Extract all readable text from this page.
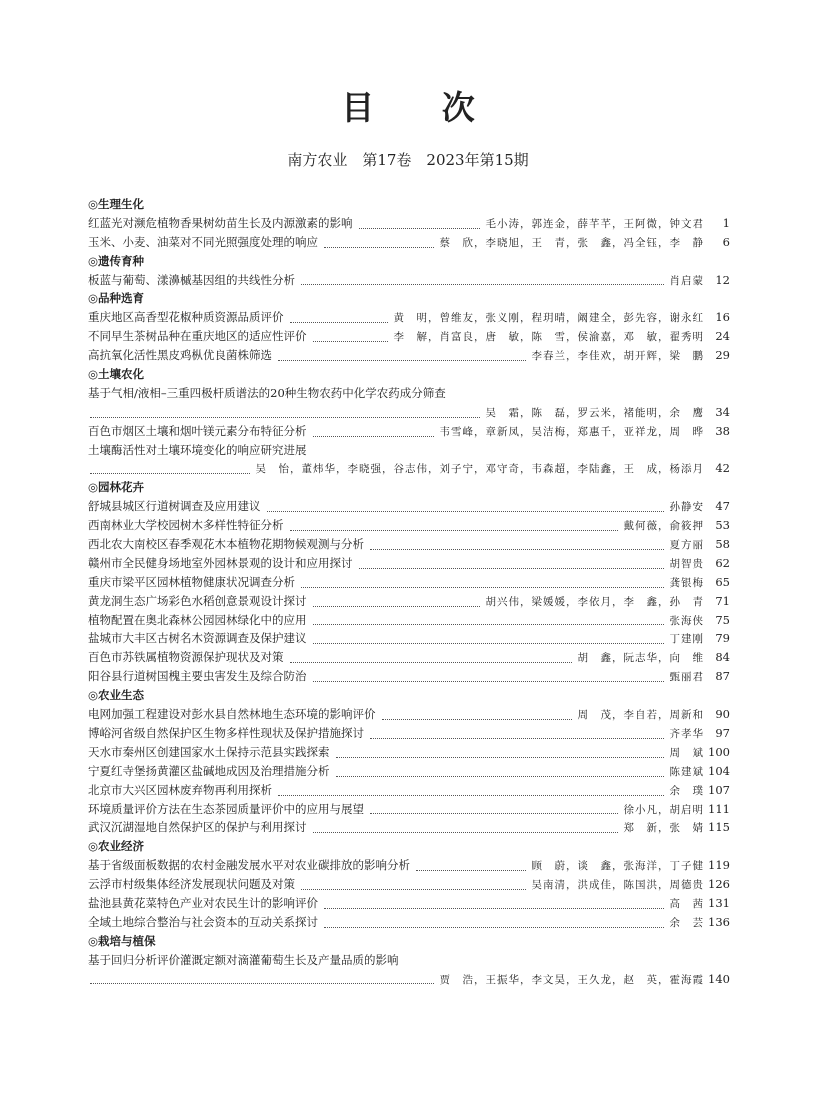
目 次
南方农业　第17卷　2023年第15期
◎生理生化
红蓝光对濒危植物香果树幼苗生长及内源激素的影响	毛小涛，郭连金，薛芊芊，王阿微，钟文君	1
玉米、小麦、油菜对不同光照强度处理的响应	蔡　欣，李晓旭，王　青，张　鑫，冯全钰，李　静	6
◎遗传育种
板蓝与葡萄、漾濞槭基因组的共线性分析	肖启蒙 12
◎品种选育
重庆地区高香型花椒种质资源品质评价	黄　明，曾维友，张义刚，程玥晴，阚建全，彭先容，谢永红 16
不同早生茶树品种在重庆地区的适应性评价	李　解，肖富良，唐　敏，陈　雪，侯渝嘉，邓　敏，翟秀明 24
高抗氧化活性黑皮鸡枞优良菌株筛选	李春兰，李佳欢，胡开辉，梁　鹏 29
◎土壤农化
基于气相/液相–三重四极杆质谱法的20种生物农药中化学农药成分筛查
吴　霜，陈　磊，罗云米，褚能明，余　鹰 34
百色市烟区土壤和烟叶镁元素分布特征分析	韦雪峰，章新凤，吴洁梅，郑惠千，亚祥龙，周　晔 38
土壤酶活性对土壤环境变化的响应研究进展
吴　怡，董炜华，李晓强，谷志伟，刘子宁，邓守奇，韦森超，李陆鑫，王　成，杨添月 42
◎园林花卉
舒城县城区行道树调查及应用建议	孙静安 47
西南林业大学校园树木多样性特征分析	戴何薇，俞筱押 53
西北农大南校区春季观花木本植物花期物候观测与分析	夏方丽 58
赣州市全民健身场地室外园林景观的设计和应用探讨	胡智贵 62
重庆市梁平区园林植物健康状况调查分析	龚银梅 65
黄龙洞生态广场彩色水稻创意景观设计探讨	胡兴伟，梁媛媛，李依月，李　鑫，孙　青 71
植物配置在奥北森林公园园林绿化中的应用	张海侠 75
盐城市大丰区古树名木资源调查及保护建议	丁建刚 79
百色市苏铁属植物资源保护现状及对策	胡　鑫，阮志华，向　维 84
阳谷县行道树国槐主要虫害发生及综合防治	甄丽君 87
◎农业生态
电网加强工程建设对彭水县自然林地生态环境的影响评价	周　茂，李自若，周新和 90
博峪河省级自然保护区生物多样性现状及保护措施探讨	齐孝华 97
天水市秦州区创建国家水土保持示范县实践探索	周　斌 100
宁夏红寺堡扬黄灌区盐碱地成因及治理措施分析	陈建斌 104
北京市大兴区园林废弃物再利用探析	余　璞 107
环境质量评价方法在生态茶园质量评价中的应用与展望	徐小凡，胡启明 111
武汉沉湖湿地自然保护区的保护与利用探讨	郑　新，张　婧 115
◎农业经济
基于省级面板数据的农村金融发展水平对农业碳排放的影响分析	顾　蔚，谈　鑫，张海洋，丁子健 119
云浮市村级集体经济发展现状问题及对策	吴南清，洪成佳，陈国洪，周德贵 126
盐池县黄花菜特色产业对农民生计的影响评价	高　茜 131
全域土地综合整治与社会资本的互动关系探讨	余　芸 136
◎栽培与植保
基于回归分析评价灌溉定额对滴灌葡萄生长及产量品质的影响
贾　浩，王振华，李文昊，王久龙，赵　英，霍海霞 140
